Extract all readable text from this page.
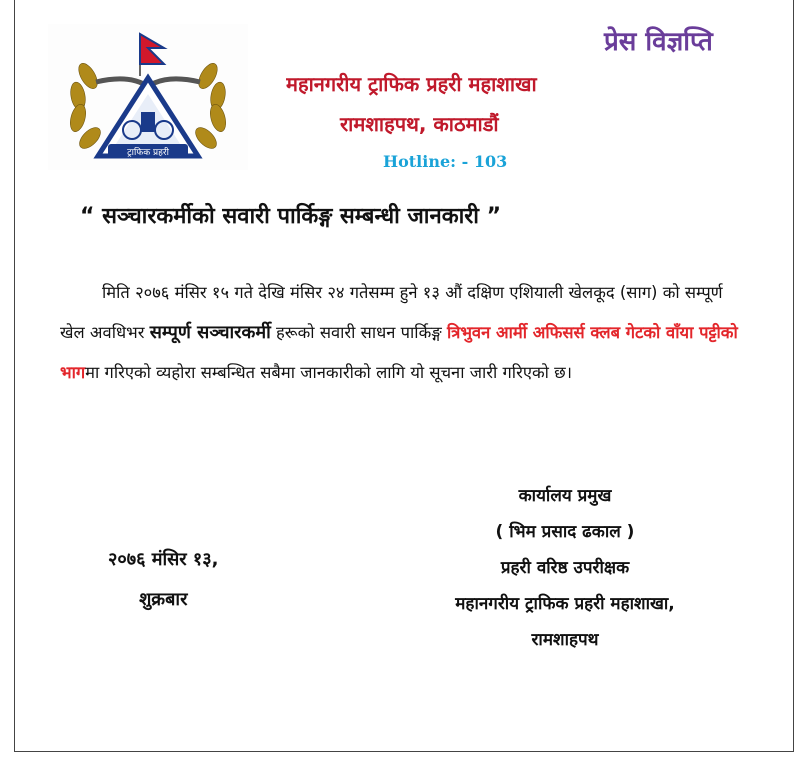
ट्राफिक प्रहरी
प्रेस विज्ञप्ति
महानगरीय ट्राफिक प्रहरी महाशाखा
रामशाहपथ, काठमाडौं
Hotline: - 103
“ सञ्चारकर्मीको सवारी पार्किङ्ग सम्बन्धी जानकारी ”
मिति २०७६ मंसिर १५ गते देखि मंसिर २४ गतेसम्म हुने १३ औं दक्षिण एशियाली खेलकूद (साग) को सम्पूर्ण खेल अवधिभर सम्पूर्ण सञ्चारकर्मी हरूको सवारी साधन पार्किङ्ग त्रिभुवन आर्मी अफिसर्स क्लब गेटको वाँया पट्टीको भागमा गरिएको व्यहोरा सम्बन्धित सबैमा जानकारीको लागि यो सूचना जारी गरिएको छ।
२०७६ मंसिर १३,
शुक्रबार
कार्यालय प्रमुख
( भिम प्रसाद ढकाल )
प्रहरी वरिष्ठ उपरीक्षक
महानगरीय ट्राफिक प्रहरी महाशाखा,
रामशाहपथ
